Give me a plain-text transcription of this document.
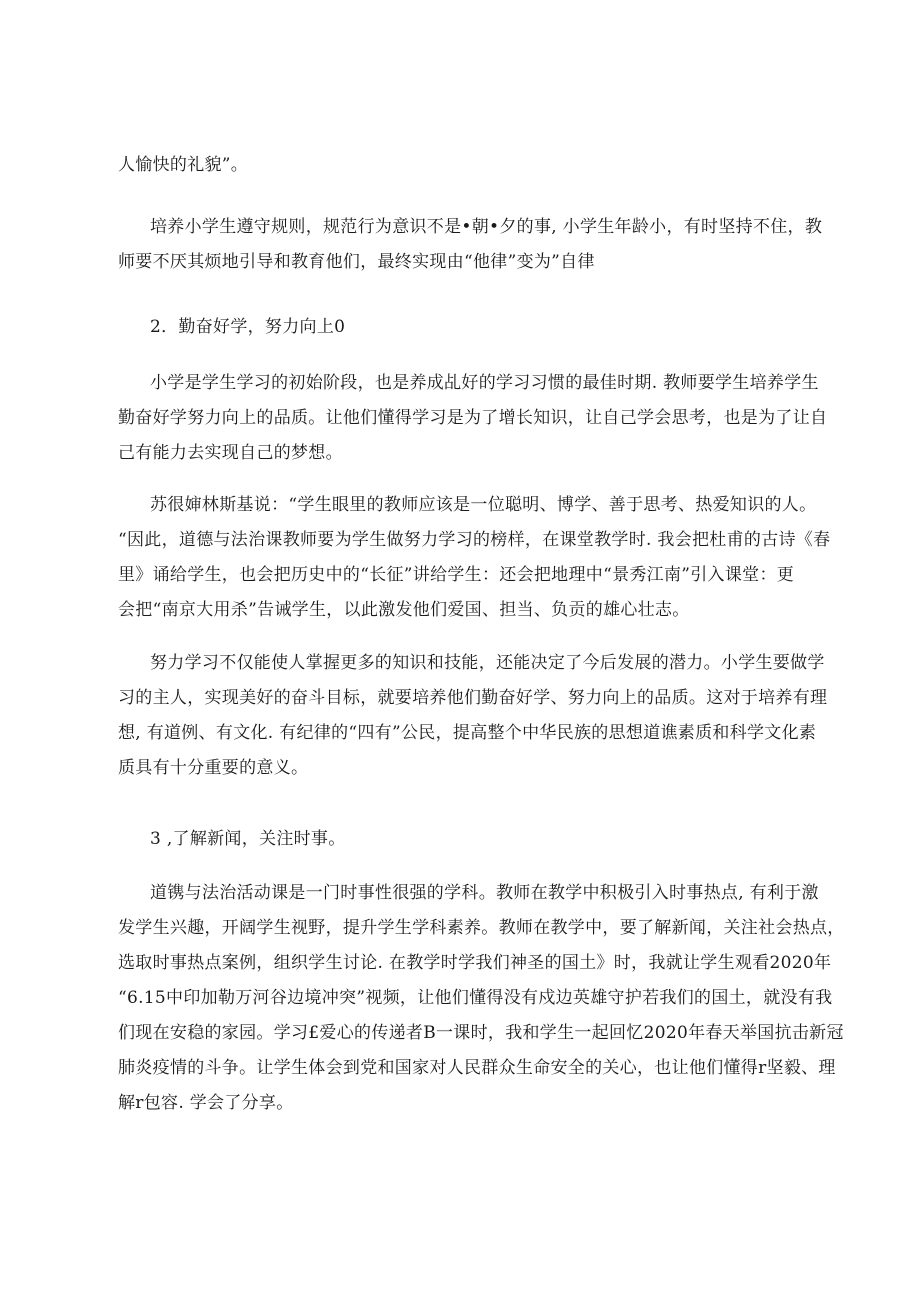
人愉快的礼貌”。
培养小学生遵守规则，规范行为意识不是•朝•夕的事, 小学生年龄小，有时坚持不住，教
师要不厌其烦地引导和教育他们，最终实现由“他律”变为”自律
2．勤奋好学，努力向上0
小学是学生学习的初始阶段，也是养成乩好的学习习惯的最佳时期. 教师要学生培养学生
勤奋好学努力向上的品质。让他们懂得学习是为了增长知识，让自己学会思考，也是为了让自
己有能力去实现自己的梦想。
苏很婶林斯基说：“学生眼里的教师应该是一位聪明、博学、善于思考、热爱知识的人。
“因此，道德与法治课教师要为学生做努力学习的榜样，在课堂教学时. 我会把杜甫的古诗《春
里》诵给学生，也会把历史中的“长征”讲给学生：还会把地理中“景秀江南”引入课堂：更
会把“南京大用杀”告诫学生，以此激发他们爱国、担当、负贡的雄心壮志。
努力学习不仅能使人掌握更多的知识和技能，还能决定了今后发展的潜力。小学生要做学
习的主人，实现美好的奋斗目标，就要培养他们勤奋好学、努力向上的品质。这对于培养有理
想, 有道例、有文化. 有纪律的“四有”公民，提高整个中华民族的思想道谯素质和科学文化素
质具有十分重要的意义。
3 ,了解新闻，关注时事。
道镌与法治活动课是一门时事性很强的学科。教师在教学中积极引入时事热点, 有利于激
发学生兴趣，开阔学生视野，提升学生学科素养。教师在教学中，要了解新闻，关注社会热点，
选取时事热点案例，组织学生讨论. 在教学时学我们神圣的国土》时，我就让学生观看2020年
“6.15中印加勒万河谷边境冲突”视频，让他们懂得没有戍边英雄守护若我们的国土，就没有我
们现在安稳的家园。学习£爱心的传递者B一课时，我和学生一起回忆2020年春天举国抗击新冠
肺炎疫情的斗争。让学生体会到党和国家对人民群众生命安全的关心，也让他们懂得r坚毅、理
解r包容. 学会了分享。
